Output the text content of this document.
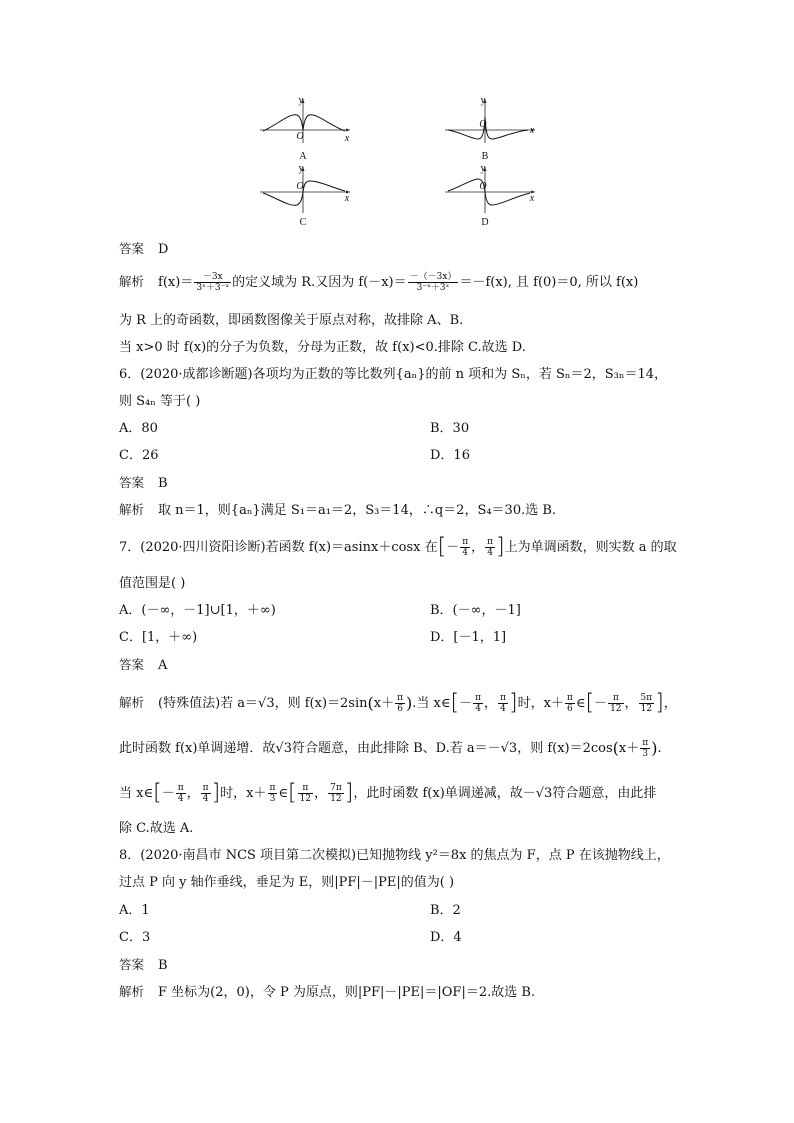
y
O	x
A
y
O
x
B
y
O
x
C
y
O
x
D
答案 D
解析 $f(x)= \frac{-3x}{\text{3ˣ＋3⁻ˣ}}$ 的定义域为 R.又因为 $f(-x)= \frac{-(-3x)}{\text{3⁻ˣ＋3ˣ}} =-f(x)$, 且 f(0)＝0, 所以 f(x)
为 R 上的奇函数，即函数图像关于原点对称，故排除 A、B.
当 x>0 时 f(x)的分子为负数，分母为正数，故 f(x)<0.排除 C.故选 D.
6．(2020·成都诊断题)各项均为正数的等比数列{aₙ}的前 n 项和为 Sₙ，若 Sₙ＝2，S₃ₙ＝14，
则 S₄ₙ 等于( )
A．80	B．30
C．26	D．16
答案 B
解析 取 n＝1，则{aₙ}满足 S₁＝a₁＝2，S₃＝14，∴q＝2，S₄＝30.选 B.
7．(2020·四川资阳诊断)若函数 f(x)＝asinx＋cosx 在[－ $\frac{\pi}{4}$ ， $\frac{\pi}{4}$ ]上为单调函数，则实数 a 的取
值范围是( )
A．(－∞，－1]∪[1，＋∞)	B．(－∞，－1]
C．[1，＋∞)	D．[－1，1]
答案 A
解析 (特殊值法)若 a＝√3，则 $f(x)=2\sin(x+ \frac{\pi}{6}$ ).当 x∈[－ $\frac{\pi}{4}$ ， $\frac{\pi}{4}$ ]时，$x+ \frac{\pi}{6}$ ∈[－ $\frac{\pi}{12}$ ， $\frac{5\pi}{12}$ ]，
此时函数 f(x)单调递增．故√3符合题意，由此排除 B、D.若 a＝－√3，则 $f(x)=2\cos(x+ \frac{\pi}{3}$ ).
当 x∈[－ $\frac{\pi}{4}$ ， $\frac{\pi}{4}$ ]时，$x+ \frac{\pi}{3}$ ∈[ $\frac{\pi}{12}$ ， $\frac{7\pi}{12}$ ]，此时函数 f(x)单调递减，故－√3符合题意，由此排
除 C.故选 A.
8．(2020·南昌市 NCS 项目第二次模拟)已知抛物线 y²＝8x 的焦点为 F，点 P 在该抛物线上，
过点 P 向 y 轴作垂线，垂足为 E，则|PF|－|PE|的值为( )
A．1	B．2
C．3	D．4
答案 B
解析 F 坐标为(2，0)，令 P 为原点，则|PF|－|PE|＝|OF|＝2.故选 B.
